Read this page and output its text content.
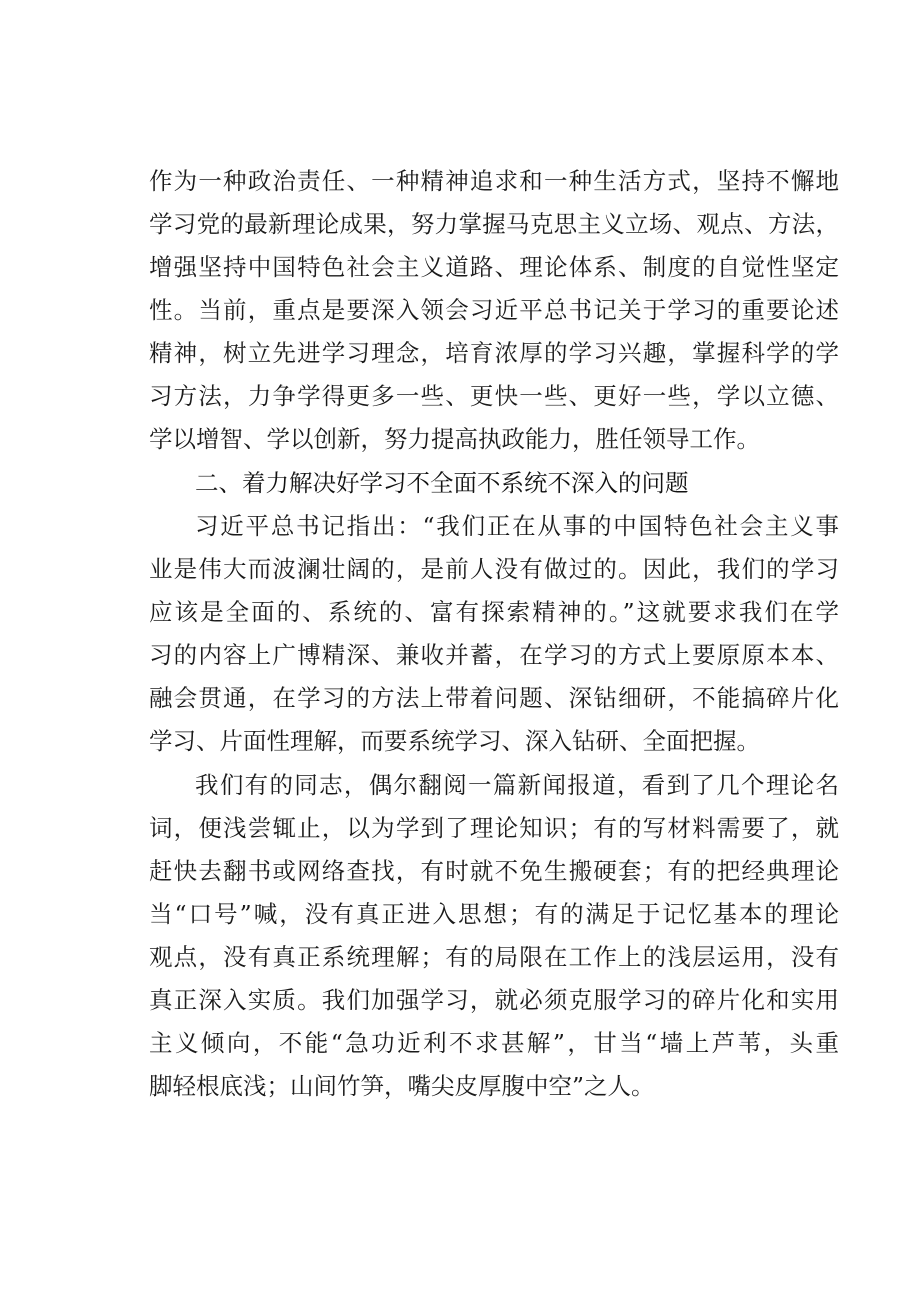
作为一种政治责任、一种精神追求和一种生活方式，坚持不懈地
学习党的最新理论成果，努力掌握马克思主义立场、观点、方法，
增强坚持中国特色社会主义道路、理论体系、制度的自觉性坚定
性。当前，重点是要深入领会习近平总书记关于学习的重要论述
精神，树立先进学习理念，培育浓厚的学习兴趣，掌握科学的学
习方法，力争学得更多一些、更快一些、更好一些，学以立德、
学以增智、学以创新，努力提高执政能力，胜任领导工作。
二、着力解决好学习不全面不系统不深入的问题
习近平总书记指出：“我们正在从事的中国特色社会主义事
业是伟大而波澜壮阔的，是前人没有做过的。因此，我们的学习
应该是全面的、系统的、富有探索精神的。”这就要求我们在学
习的内容上广博精深、兼收并蓄，在学习的方式上要原原本本、
融会贯通，在学习的方法上带着问题、深钻细研，不能搞碎片化
学习、片面性理解，而要系统学习、深入钻研、全面把握。
我们有的同志，偶尔翻阅一篇新闻报道，看到了几个理论名
词，便浅尝辄止，以为学到了理论知识；有的写材料需要了，就
赶快去翻书或网络查找，有时就不免生搬硬套；有的把经典理论
当“口号”喊，没有真正进入思想；有的满足于记忆基本的理论
观点，没有真正系统理解；有的局限在工作上的浅层运用，没有
真正深入实质。我们加强学习，就必须克服学习的碎片化和实用
主义倾向，不能“急功近利不求甚解”，甘当“墙上芦苇，头重
脚轻根底浅；山间竹笋，嘴尖皮厚腹中空”之人。
